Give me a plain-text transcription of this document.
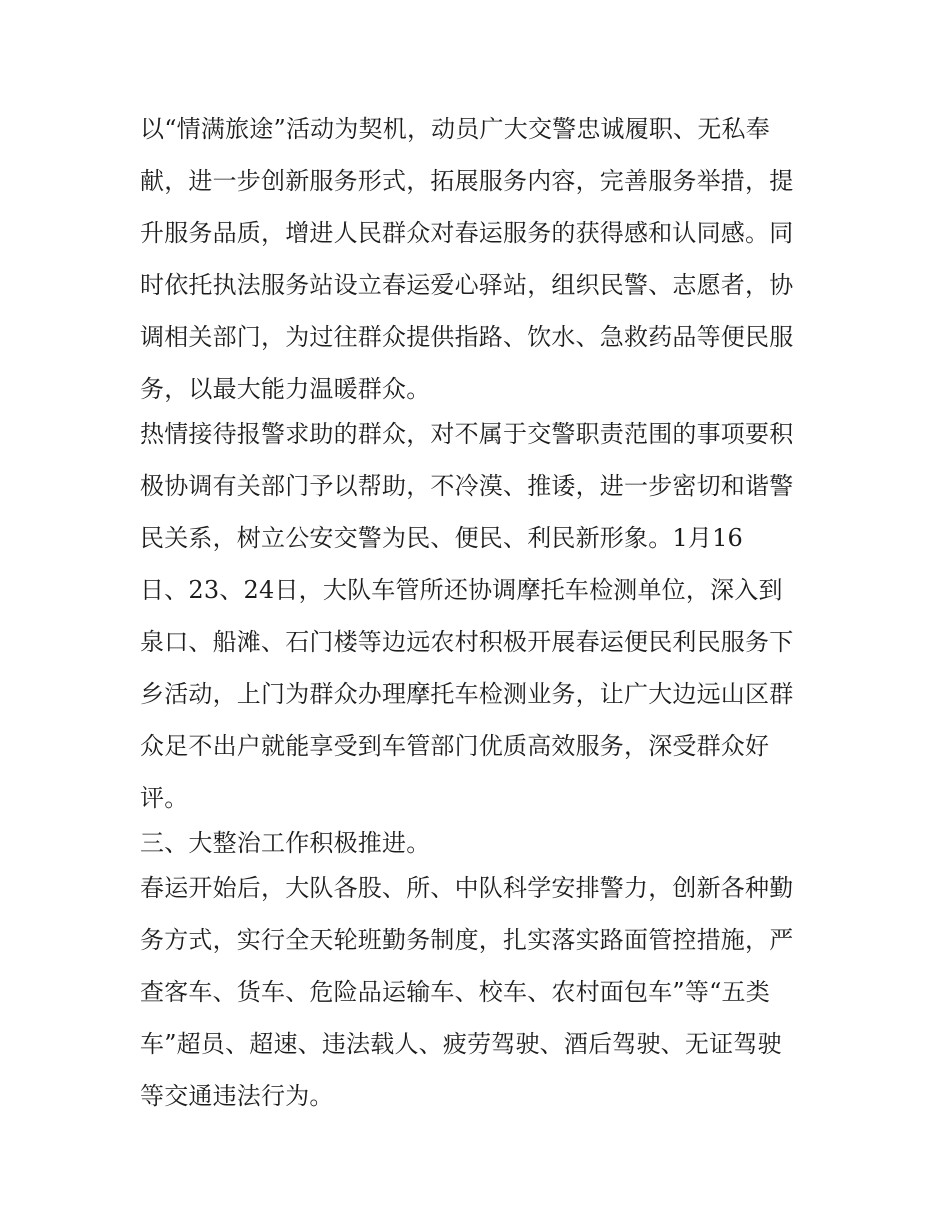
以“情满旅途”活动为契机，动员广大交警忠诚履职、无私奉

献，进一步创新服务形式，拓展服务内容，完善服务举措，提

升服务品质，增进人民群众对春运服务的获得感和认同感。同

时依托执法服务站设立春运爱心驿站，组织民警、志愿者，协

调相关部门，为过往群众提供指路、饮水、急救药品等便民服

务，以最大能力温暖群众。

热情接待报警求助的群众，对不属于交警职责范围的事项要积

极协调有关部门予以帮助，不冷漠、推诿，进一步密切和谐警

民关系，树立公安交警为民、便民、利民新形象。1月16

日、23、24日，大队车管所还协调摩托车检测单位，深入到

泉口、船滩、石门楼等边远农村积极开展春运便民利民服务下

乡活动，上门为群众办理摩托车检测业务，让广大边远山区群

众足不出户就能享受到车管部门优质高效服务，深受群众好

评。

三、大整治工作积极推进。

春运开始后，大队各股、所、中队科学安排警力，创新各种勤

务方式，实行全天轮班勤务制度，扎实落实路面管控措施，严

查客车、货车、危险品运输车、校车、农村面包车”等“五类

车”超员、超速、违法载人、疲劳驾驶、酒后驾驶、无证驾驶

等交通违法行为。
